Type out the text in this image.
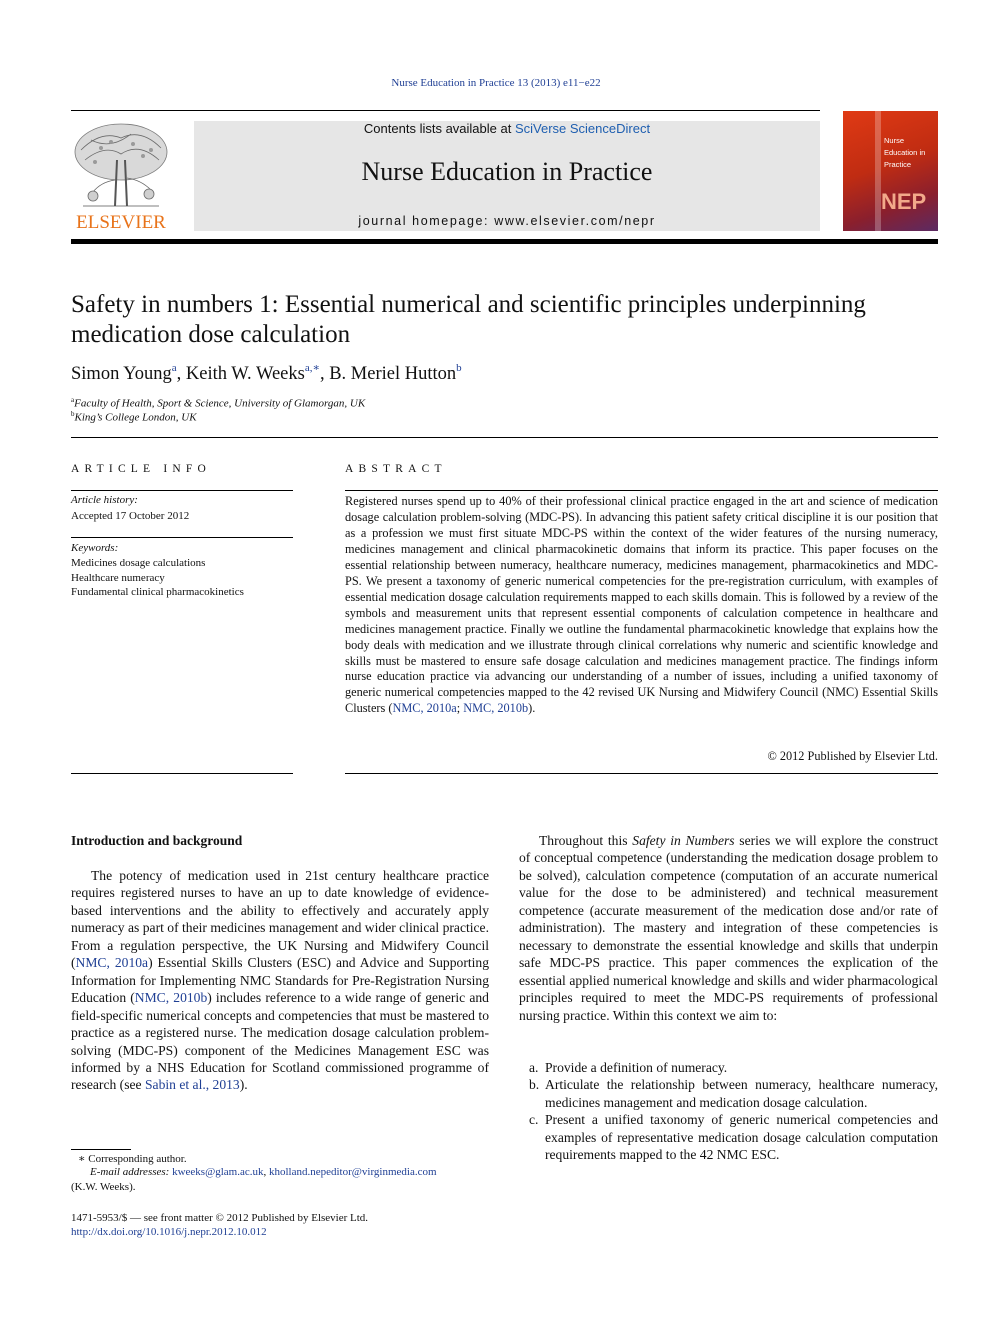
Nurse Education in Practice 13 (2013) e11−e22
ELSEVIER
Contents lists available at SciVerse ScienceDirect
Nurse Education in Practice
journal homepage: www.elsevier.com/nepr
Nurse
Education in
Practice
NEP
Safety in numbers 1: Essential numerical and scientific principles underpinning medication dose calculation
Simon Young$^a$, Keith W. Weeks$^{a,∗}$, B. Meriel Hutton$^b$
$^a$Faculty of Health, Sport & Science, University of Glamorgan, UK
$^b$King’s College London, UK
ARTICLE INFO
Article history:
Accepted 17 October 2012
Keywords:
Medicines dosage calculations
Healthcare numeracy
Fundamental clinical pharmacokinetics
ABSTRACT
Registered nurses spend up to 40% of their professional clinical practice engaged in the art and science of medication dosage calculation problem-solving (MDC-PS). In advancing this patient safety critical discipline it is our position that as a profession we must first situate MDC-PS within the context of the wider features of the nursing numeracy, medicines management and clinical pharmacokinetic domains that inform its practice. This paper focuses on the essential relationship between numeracy, healthcare numeracy, medicines management, pharmacokinetics and MDC-PS. We present a taxonomy of generic numerical competencies for the pre-registration curriculum, with examples of essential medication dosage calculation requirements mapped to each skills domain. This is followed by a review of the symbols and measurement units that represent essential components of calculation competence in healthcare and medicines management practice. Finally we outline the fundamental pharmacokinetic knowledge that explains how the body deals with medication and we illustrate through clinical correlations why numeric and scientific knowledge and skills must be mastered to ensure safe dosage calculation and medicines management practice. The findings inform nurse education practice via advancing our understanding of a number of issues, including a unified taxonomy of generic numerical competencies mapped to the 42 revised UK Nursing and Midwifery Council (NMC) Essential Skills Clusters (NMC, 2010a; NMC, 2010b).
© 2012 Published by Elsevier Ltd.
Introduction and background

The potency of medication used in 21st century healthcare practice requires registered nurses to have an up to date knowledge of evidence-based interventions and the ability to effectively and accurately apply numeracy as part of their medicines management and wider clinical practice. From a regulation perspective, the UK Nursing and Midwifery Council (NMC, 2010a) Essential Skills Clusters (ESC) and Advice and Supporting Information for Implementing NMC Standards for Pre-Registration Nursing Education (NMC, 2010b) includes reference to a wide range of generic and field-specific numerical concepts and competencies that must be mastered to practice as a registered nurse. The medication dosage calculation problem-solving (MDC-PS) component of the Medicines Management ESC was informed by a NHS Education for Scotland commissioned programme of research (see Sabin et al., 2013).

Throughout this Safety in Numbers series we will explore the construct of conceptual competence (understanding the medication dosage problem to be solved), calculation competence (computation of an accurate numerical value for the dose to be administered) and technical measurement competence (accurate measurement of the medication dose and/or rate of administration). The mastery and integration of these competencies is necessary to demonstrate the essential knowledge and skills that underpin safe MDC-PS practice. This paper commences the explication of the essential applied numerical knowledge and skills and wider pharmacological principles required to meet the MDC-PS requirements of professional nursing practice. Within this context we aim to:

a. Provide a definition of numeracy.
b. Articulate the relationship between numeracy, healthcare numeracy, medicines management and medication dosage calculation.
c. Present a unified taxonomy of generic numerical competencies and examples of representative medication dosage calculation computation requirements mapped to the 42 NMC ESC.
∗ Corresponding author.
E-mail addresses: kweeks@glam.ac.uk, kholland.nepeditor@virginmedia.com
(K.W. Weeks).
1471-5953/$ — see front matter © 2012 Published by Elsevier Ltd.
http://dx.doi.org/10.1016/j.nepr.2012.10.012
